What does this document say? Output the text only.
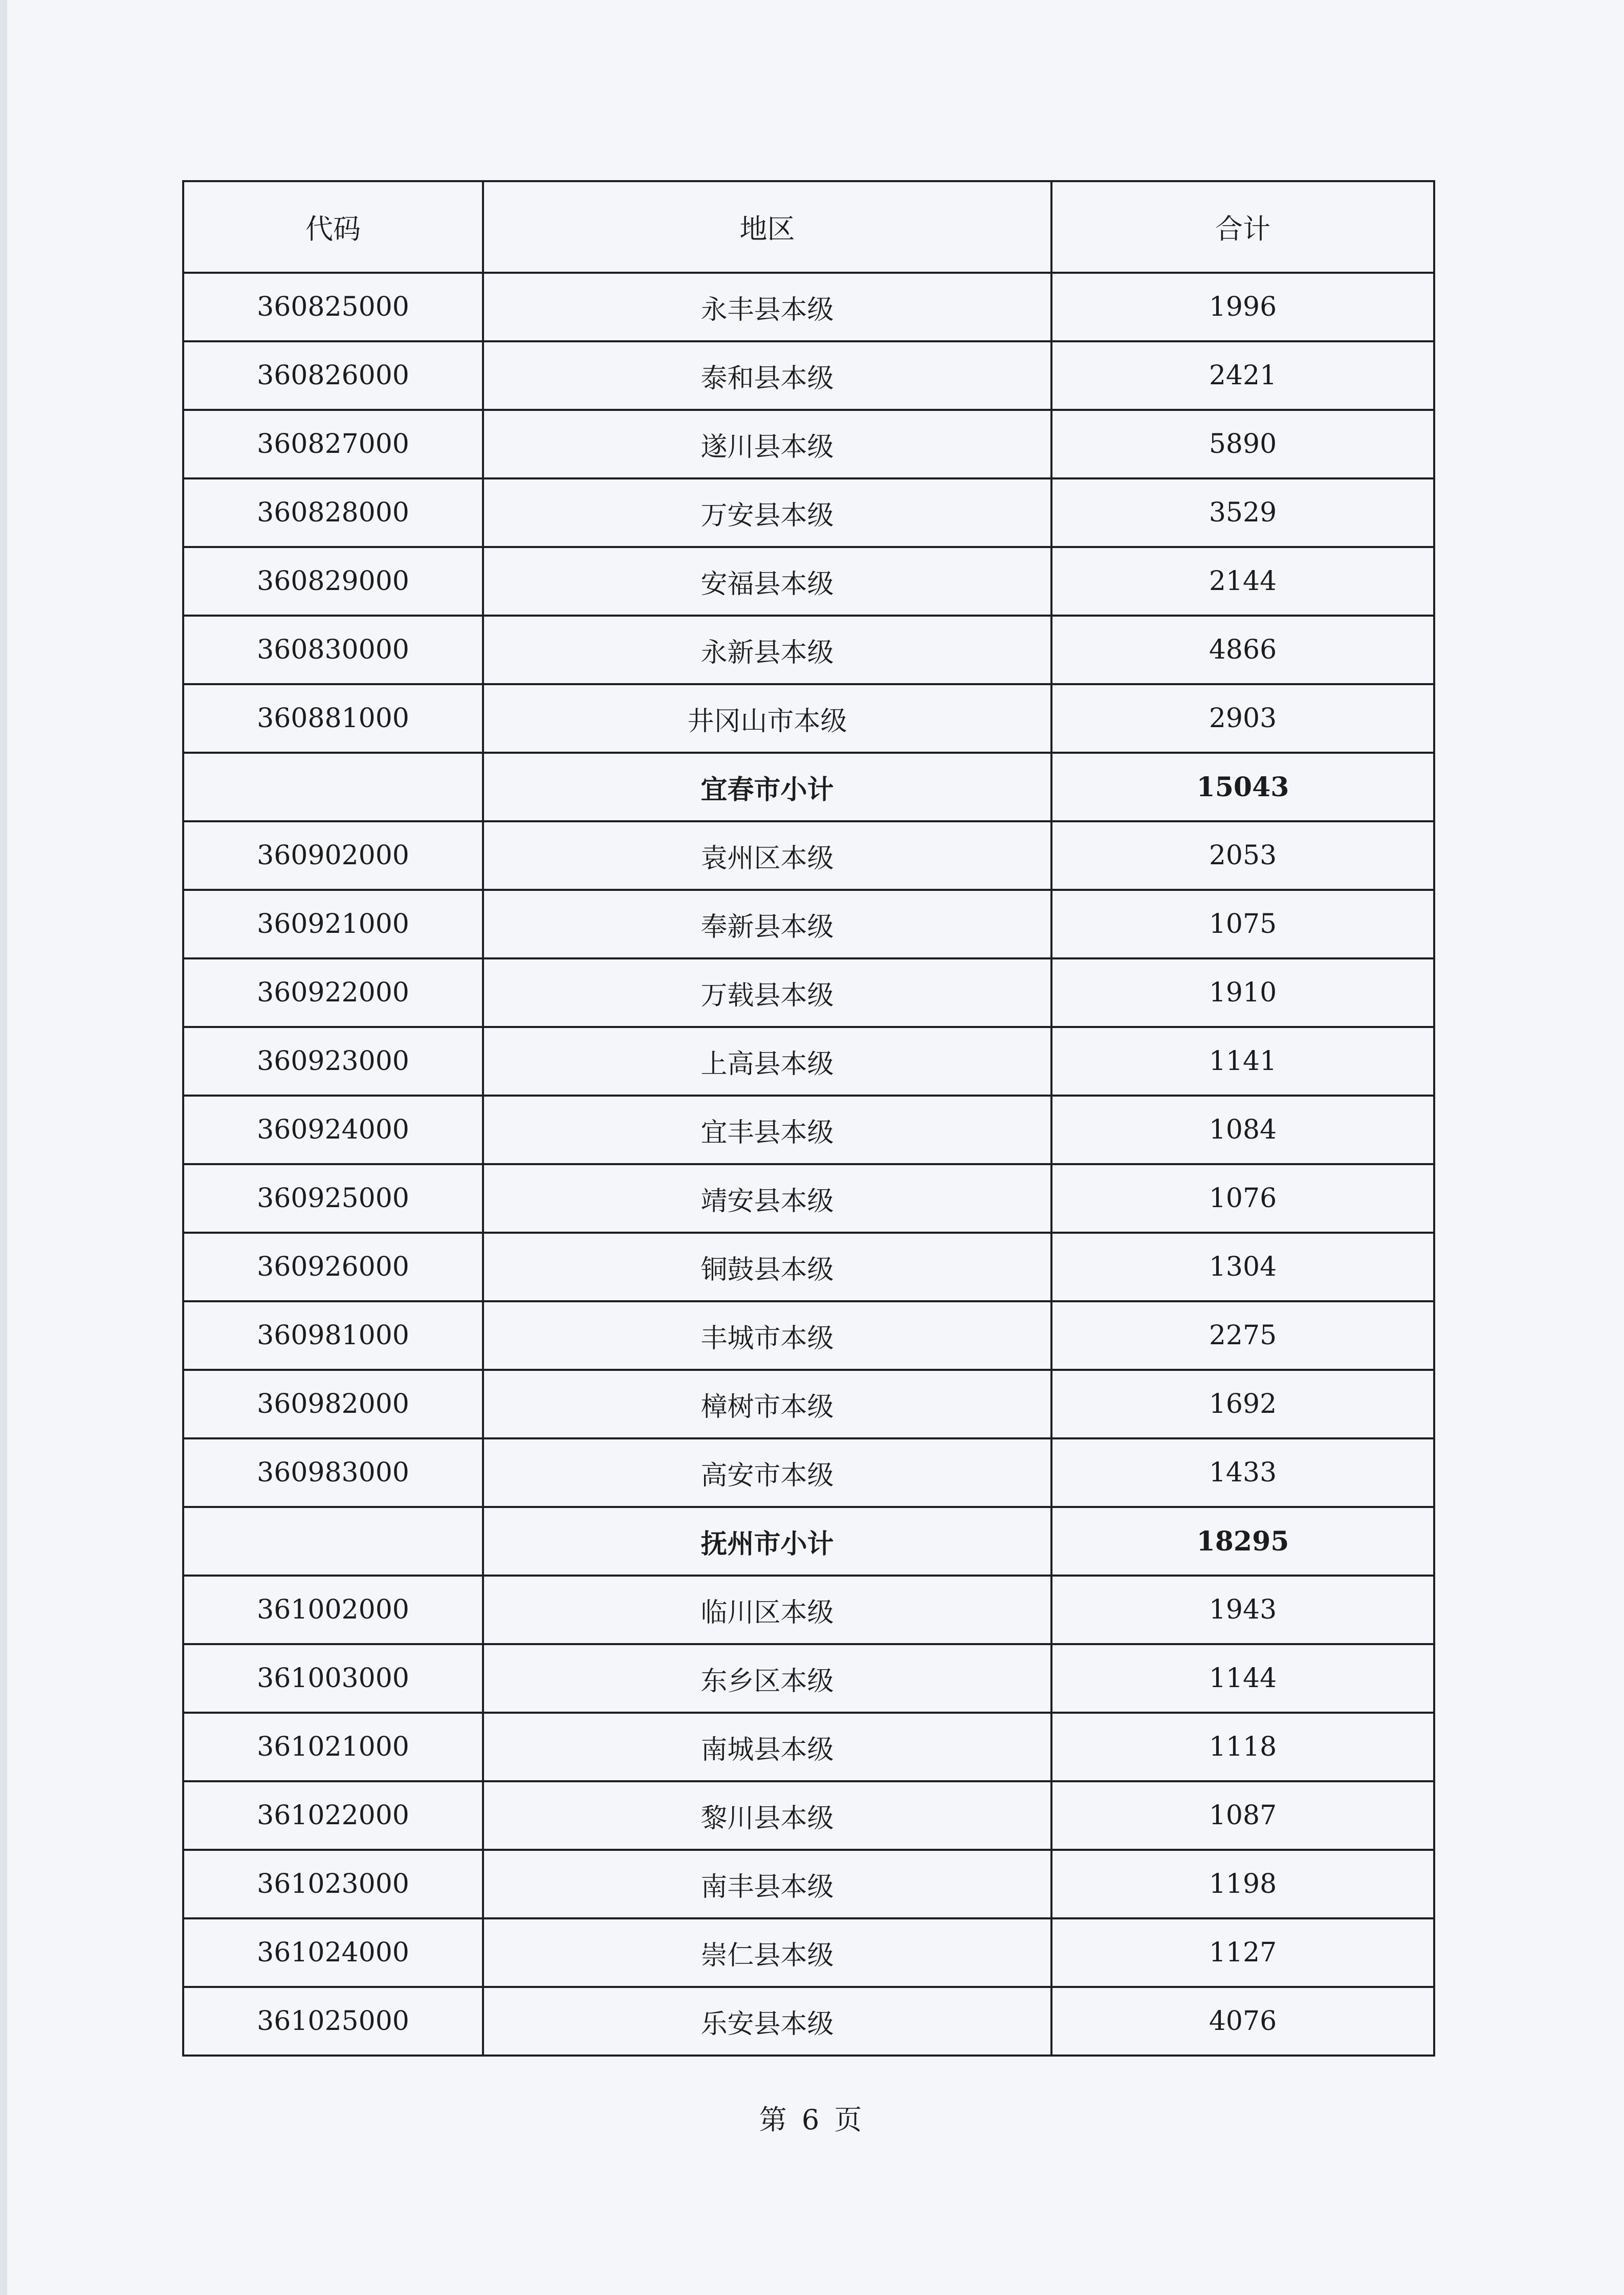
代码	地区	合计
360825000	永丰县本级	1996
360826000	泰和县本级	2421
360827000	遂川县本级	5890
360828000	万安县本级	3529
360829000	安福县本级	2144
360830000	永新县本级	4866
360881000	井冈山市本级	2903
	宜春市小计	15043
360902000	袁州区本级	2053
360921000	奉新县本级	1075
360922000	万载县本级	1910
360923000	上高县本级	1141
360924000	宜丰县本级	1084
360925000	靖安县本级	1076
360926000	铜鼓县本级	1304
360981000	丰城市本级	2275
360982000	樟树市本级	1692
360983000	高安市本级	1433
	抚州市小计	18295
361002000	临川区本级	1943
361003000	东乡区本级	1144
361021000	南城县本级	1118
361022000	黎川县本级	1087
361023000	南丰县本级	1198
361024000	崇仁县本级	1127
361025000	乐安县本级	4076
第 6 页
